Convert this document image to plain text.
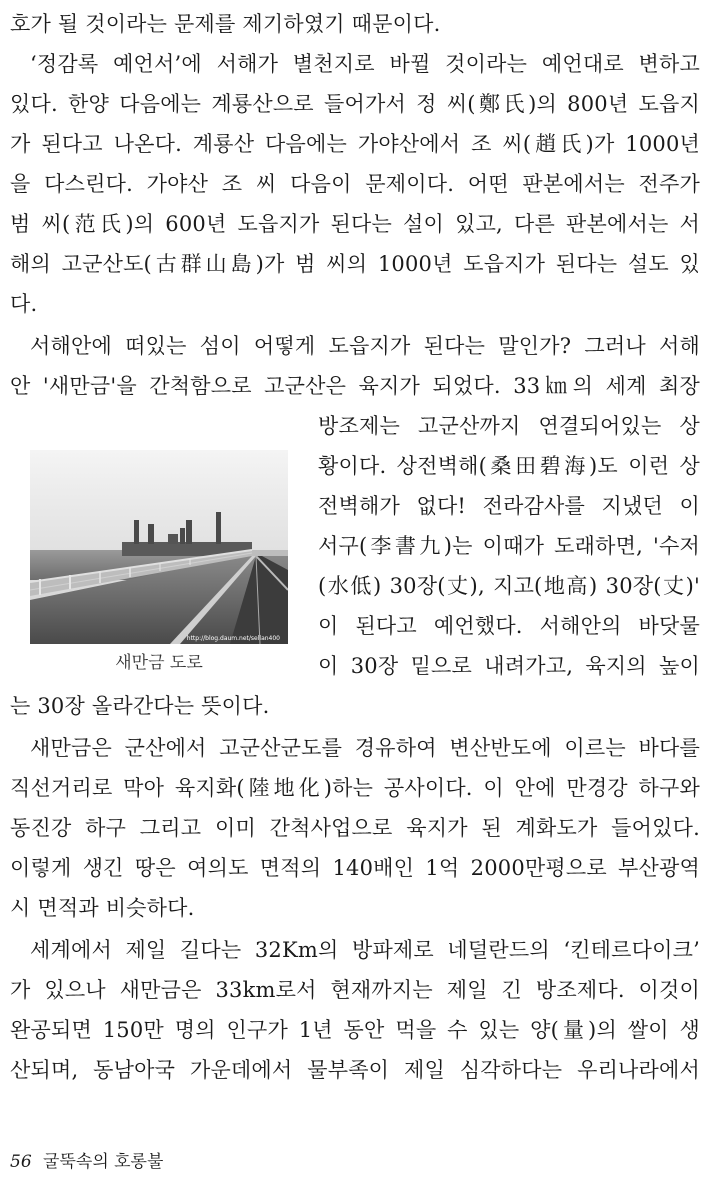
호가 될 것이라는 문제를 제기하였기 때문이다.
‘정감록 예언서’에 서해가 별천지로 바뀔 것이라는 예언대로 변하고
있다. 한양 다음에는 계룡산으로 들어가서 정 씨(鄭氏)의 800년 도읍지
가 된다고 나온다. 계룡산 다음에는 가야산에서 조 씨(趙氏)가 1000년
을 다스린다. 가야산 조 씨 다음이 문제이다. 어떤 판본에서는 전주가
범 씨(范氏)의 600년 도읍지가 된다는 설이 있고, 다른 판본에서는 서
해의 고군산도(古群山島)가 범 씨의 1000년 도읍지가 된다는 설도 있
다.
서해안에 떠있는 섬이 어떻게 도읍지가 된다는 말인가? 그러나 서해
안 '새만금'을 간척함으로 고군산은 육지가 되었다. 33㎞의 세계 최장
방조제는 고군산까지 연결되어있는 상
황이다. 상전벽해(桑田碧海)도 이런 상
전벽해가 없다! 전라감사를 지냈던 이
서구(李書九)는 이때가 도래하면, '수저
(水低) 30장(丈), 지고(地高) 30장(丈)'
이 된다고 예언했다. 서해안의 바닷물
이 30장 밑으로 내려가고, 육지의 높이
는 30장 올라간다는 뜻이다.
새만금은 군산에서 고군산군도를 경유하여 변산반도에 이르는 바다를
직선거리로 막아 육지화(陸地化)하는 공사이다. 이 안에 만경강 하구와
동진강 하구 그리고 이미 간척사업으로 육지가 된 계화도가 들어있다.
이렇게 생긴 땅은 여의도 면적의 140배인 1억 2000만평으로 부산광역
시 면적과 비슷하다.
세계에서 제일 길다는 32Km의 방파제로 네덜란드의 ‘킨테르다이크’
가 있으나 새만금은 33km로서 현재까지는 제일 긴 방조제다. 이것이
완공되면 150만 명의 인구가 1년 동안 먹을 수 있는 양(量)의 쌀이 생
산되며, 동남아국 가운데에서 물부족이 제일 심각하다는 우리나라에서
http://blog.daum.net/sellan400
새만금 도로
56 굴뚝속의 호롱불
